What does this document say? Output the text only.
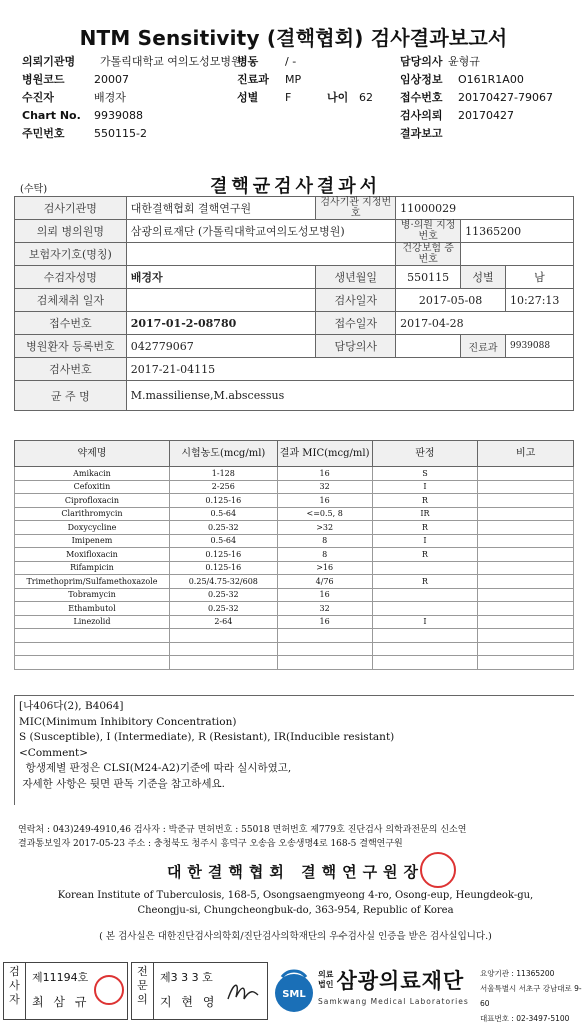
NTM Sensitivity (결핵협회) 검사결과보고서
의뢰기관명 가톨릭대학교 여의도성모병원
병동 / -	담당의사 윤형규
병원코드	20007	진료과 MP	임상정보 O161R1A00
수진자	배경자	성별 F	나이 62 접수번호 20170427-79067
Chart No. 9939088	검사의뢰 20170427
주민번호	550115-2	결과보고
(수탁)	결핵균검사결과서
검사기관명	대한결핵협회 결핵연구원	검사기관 지정번호	11000029		
의뢰 병의원명	삼광의료재단 (가톨릭대학교여의도성모병원)		병·의원 지정번호	11365200	
보험자기호(명칭)			건강보험 증번호		
수검자성명	배경자	생년월일	550115	성별	남
검체채취 일자		검사일자	2017-05-08		10:27:13
접수번호	2017-01-2-08780	접수일자	2017-04-28		
병원환자 등록번호	042779067	담당의사		진료과	9939088
검사번호	2017-21-04115				
균 주 명	M.massiliense,M.abscessus				
약제명	시험농도(mcg/ml)	결과 MIC(mcg/ml)	판정	비고
Amikacin	1-128	16	S	
Cefoxitin	2-256	32	I	
Ciprofloxacin	0.125-16	16	R	
Clarithromycin	0.5-64	<=0.5, 8	IR	
Doxycycline	0.25-32	>32	R	
Imipenem	0.5-64	8	I	
Moxifloxacin	0.125-16	8	R	
Rifampicin	0.125-16	>16		
Trimethoprim/Sulfamethoxazole	0.25/4.75-32/608	4/76	R	
Tobramycin	0.25-32	16		
Ethambutol	0.25-32	32		
Linezolid	2-64	16	I	

[나406다(2), B4064]
MIC(Minimum Inhibitory Concentration)
S (Susceptible), I (Intermediate), R (Resistant), IR(Inducible resistant)
<Comment>
항생제별 판정은 CLSI(M24-A2)기준에 따라 실시하였고,
자세한 사항은 뒷면 판독 기준을 참고하세요.
연락처 : 043)249-4910,46 검사자 : 박준규 면허번호 : 55018 면허번호 제779호 진단검사 의학과전문의 신소연
결과통보일자 2017-05-23 주소 : 충청북도 청주시 흥덕구 오송읍 오송생명4로 168-5 결핵연구원
대한결핵협회 결핵연구원장
Korean Institute of Tuberculosis, 168-5, Osongsaengmyeong 4-ro, Osong-eup, Heungdeok-gu,
Cheongju-si, Chungcheongbuk-do, 363-954, Republic of Korea
( 본 검사실은 대한진단검사의학회/진단검사의학재단의 우수검사실 인증을 받은 검사실입니다.)
검사자
제11194호
최 삼 규
전문의
제3 3 3 호
지 현 영
SML
의료
법인 삼광의료재단
Samkwang Medical Laboratories
요양기관 : 11365200
서울특별시 서초구 강남대로 9-60
대표번호 : 02-3497-5100
